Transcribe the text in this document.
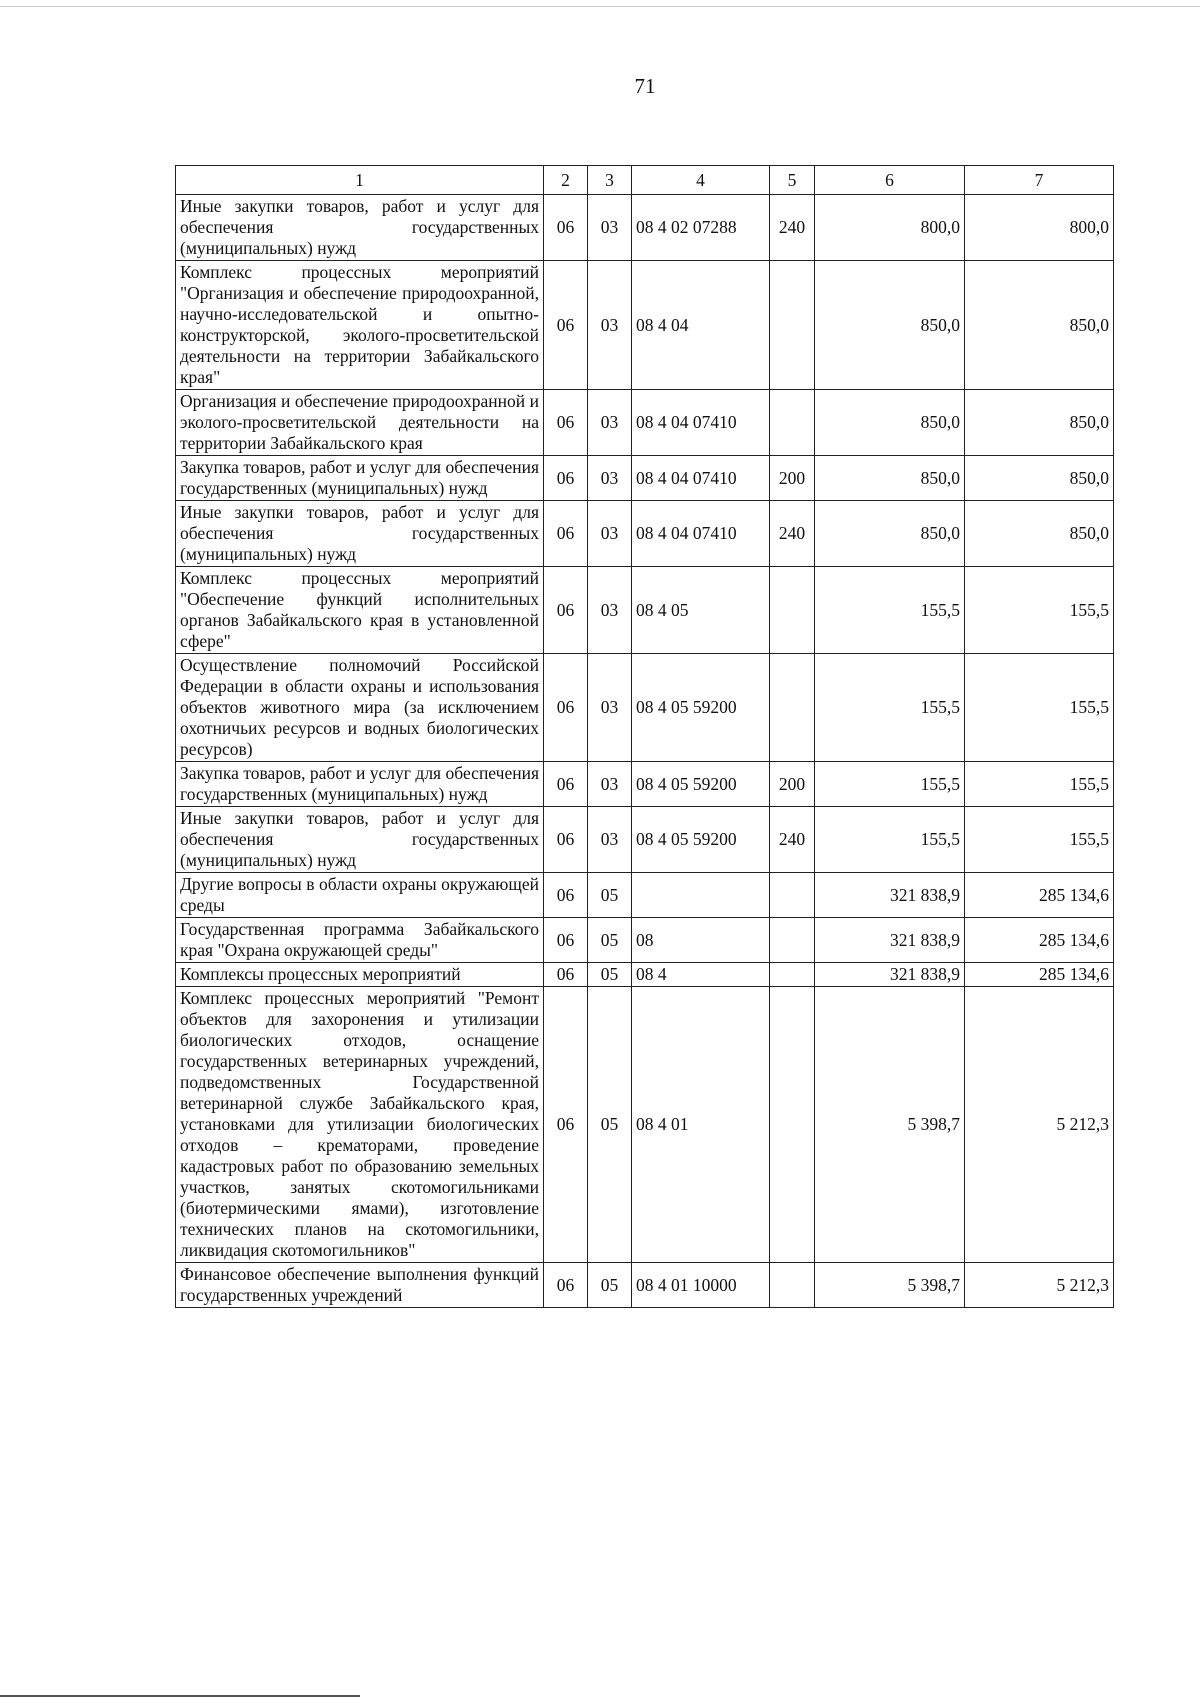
71
1	2	3	4	5	6	7
Иные закупки товаров, работ и услуг для обеспечения государственных (муниципальных) нужд	06	03	08 4 02 07288	240	800,0	800,0
Комплекс процессных мероприятий "Организация и обеспечение природоохранной, научно-исследовательской и опытно-конструкторской, эколого-просветительской деятельности на территории Забайкальского края"	06	03	08 4 04		850,0	850,0
Организация и обеспечение природоохранной и эколого-просветительской деятельности на территории Забайкальского края	06	03	08 4 04 07410		850,0	850,0
Закупка товаров, работ и услуг для обеспечения государственных (муниципальных) нужд	06	03	08 4 04 07410	200	850,0	850,0
Иные закупки товаров, работ и услуг для обеспечения государственных (муниципальных) нужд	06	03	08 4 04 07410	240	850,0	850,0
Комплекс процессных мероприятий "Обеспечение функций исполнительных органов Забайкальского края в установленной сфере"	06	03	08 4 05		155,5	155,5
Осуществление полномочий Российской Федерации в области охраны и использования объектов животного мира (за исключением охотничьих ресурсов и водных биологических ресурсов)	06	03	08 4 05 59200		155,5	155,5
Закупка товаров, работ и услуг для обеспечения государственных (муниципальных) нужд	06	03	08 4 05 59200	200	155,5	155,5
Иные закупки товаров, работ и услуг для обеспечения государственных (муниципальных) нужд	06	03	08 4 05 59200	240	155,5	155,5
Другие вопросы в области охраны окружающей среды	06	05			321 838,9	285 134,6
Государственная программа Забайкальского края "Охрана окружающей среды"	06	05	08		321 838,9	285 134,6
Комплексы процессных мероприятий	06	05	08 4		321 838,9	285 134,6
Комплекс процессных мероприятий "Ремонт объектов для захоронения и утилизации биологических отходов, оснащение государственных ветеринарных учреждений, подведомственных Государственной ветеринарной службе Забайкальского края, установками для утилизации биологических отходов – крематорами, проведение кадастровых работ по образованию земельных участков, занятых скотомогильниками (биотермическими ямами), изготовление технических планов на скотомогильники, ликвидация скотомогильников"	06	05	08 4 01		5 398,7	5 212,3
Финансовое обеспечение выполнения функций государственных учреждений	06	05	08 4 01 10000		5 398,7	5 212,3
